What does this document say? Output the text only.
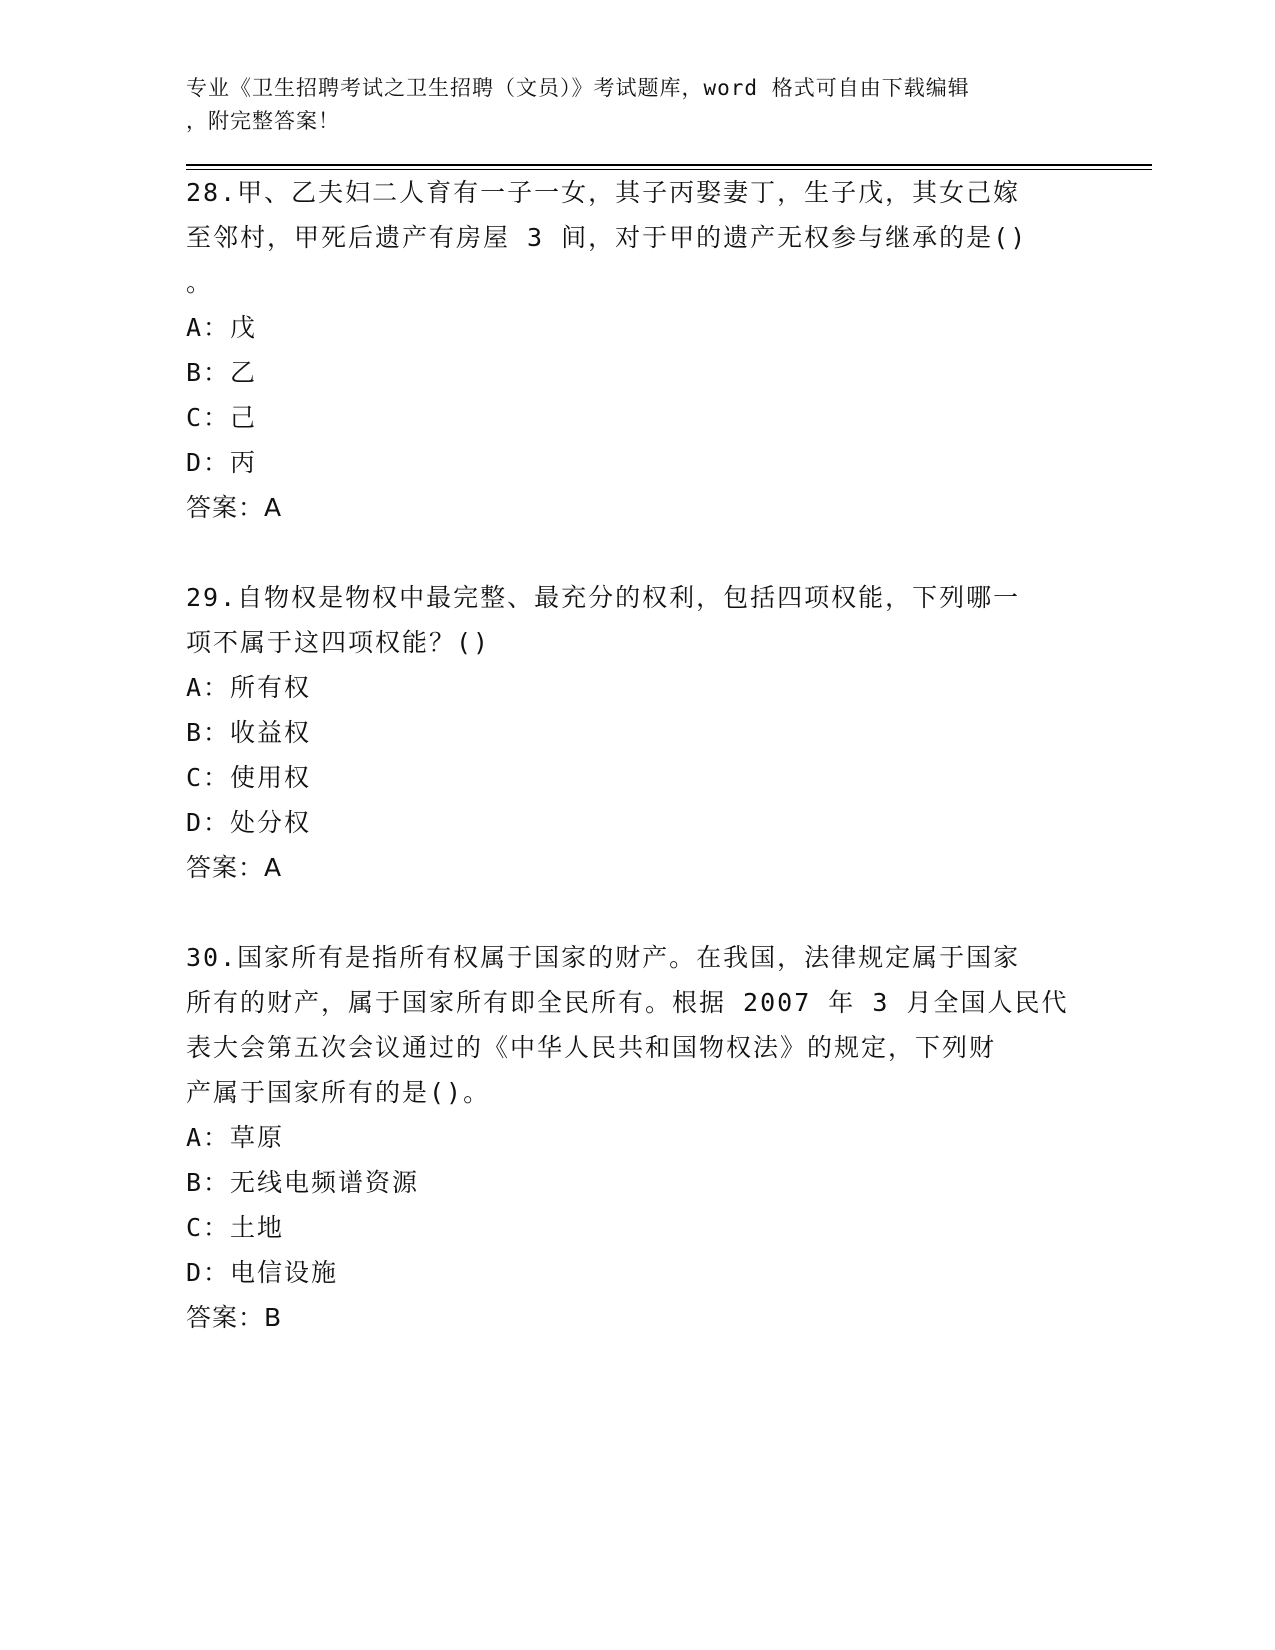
专业《卫生招聘考试之卫生招聘（文员）》考试题库，word 格式可自由下载编辑
，附完整答案！
28.甲、乙夫妇二人育有一子一女，其子丙娶妻丁，生子戊，其女己嫁
至邻村，甲死后遗产有房屋 3 间，对于甲的遗产无权参与继承的是()
。
A：戊
B：乙
C：己
D：丙
答案：A
29.自物权是物权中最完整、最充分的权利，包括四项权能，下列哪一
项不属于这四项权能？()
A：所有权
B：收益权
C：使用权
D：处分权
答案：A
30.国家所有是指所有权属于国家的财产。在我国，法律规定属于国家
所有的财产，属于国家所有即全民所有。根据 2007 年 3 月全国人民代
表大会第五次会议通过的《中华人民共和国物权法》的规定，下列财
产属于国家所有的是()。
A：草原
B：无线电频谱资源
C：土地
D：电信设施
答案：B
